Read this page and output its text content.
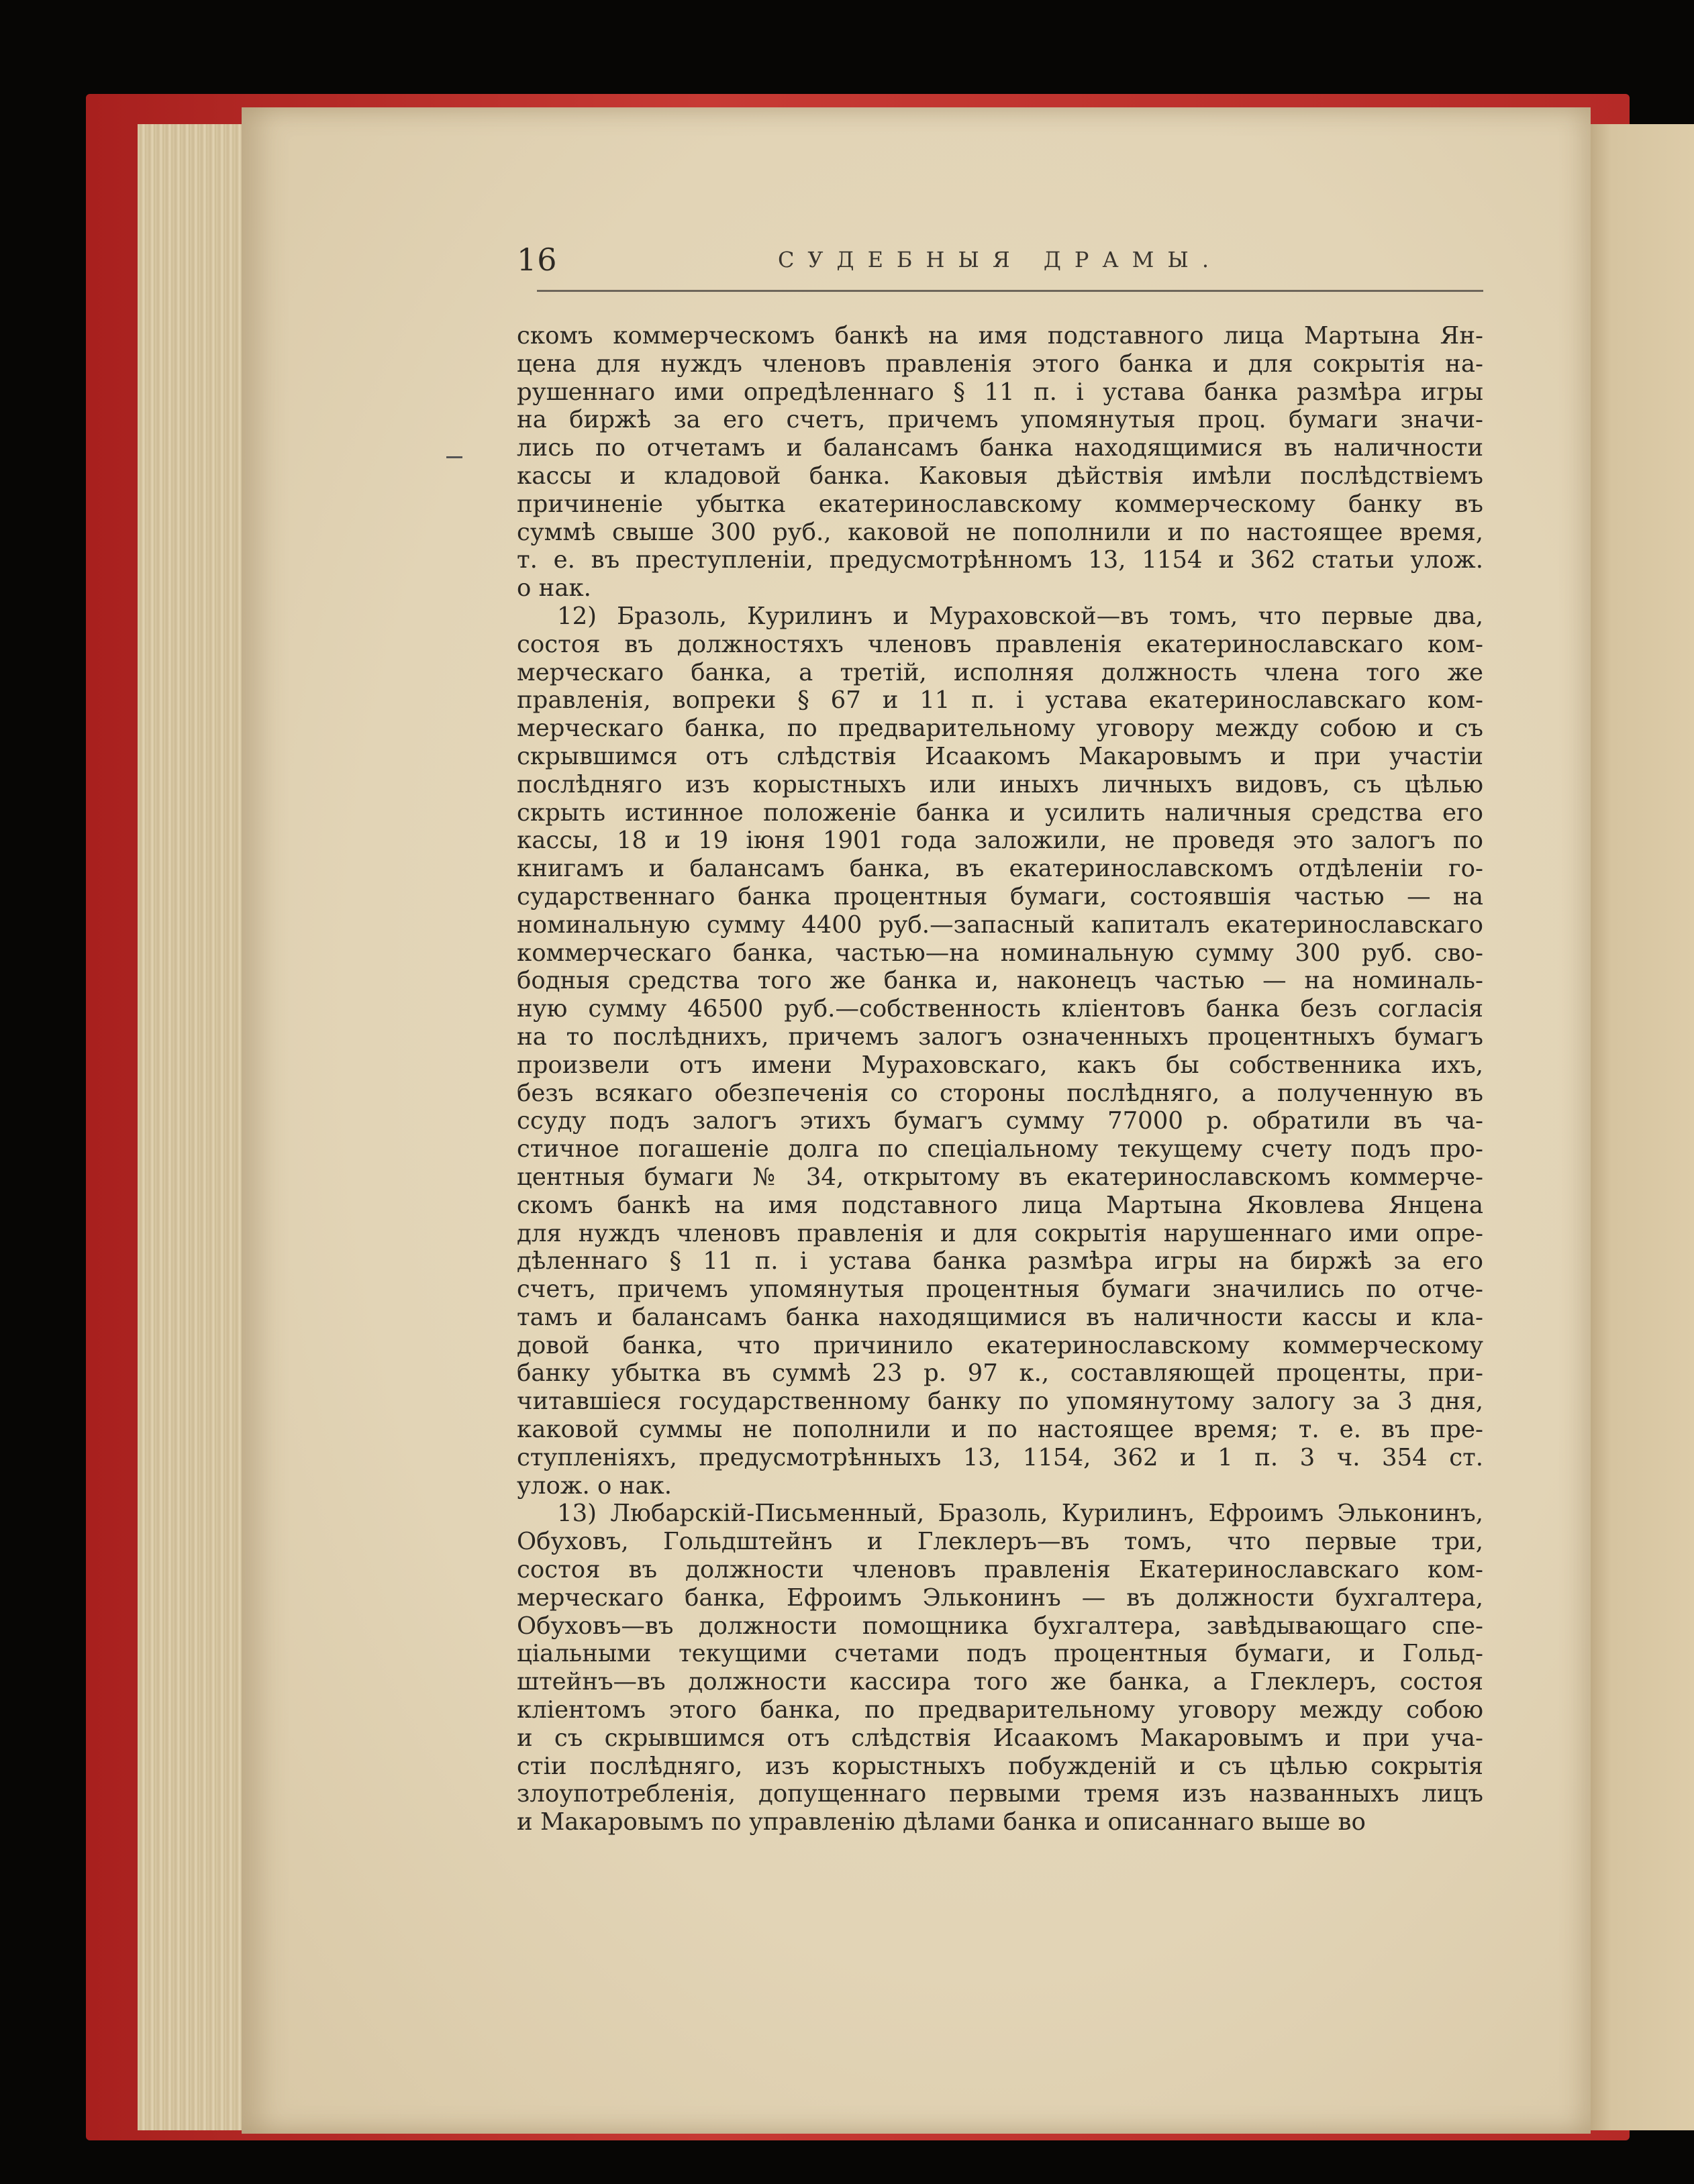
16	СУДЕБНЫЯ ДРАМЫ.
скомъ коммерческомъ банкѣ на имя подставного лица Мартына Ян-
цена для нуждъ членовъ правленія этого банка и для сокрытія на-
рушеннаго ими опредѣленнаго § 11 п. і устава банка размѣра игры
на биржѣ за его счетъ, причемъ упомянутыя проц. бумаги значи-
лись по отчетамъ и балансамъ банка находящимися въ наличности
кассы и кладовой банка. Каковыя дѣйствія имѣли послѣдствіемъ
причиненіе убытка екатеринославскому коммерческому банку въ
суммѣ свыше 300 руб., каковой не пополнили и по настоящее время,
т. е. въ преступленіи, предусмотрѣнномъ 13, 1154 и 362 статьи улож.
о нак.
12) Бразоль, Курилинъ и Мураховской—въ томъ, что первые два,
состоя въ должностяхъ членовъ правленія екатеринославскаго ком-
мерческаго банка, а третій, исполняя должность члена того же
правленія, вопреки § 67 и 11 п. і устава екатеринославскаго ком-
мерческаго банка, по предварительному уговору между собою и съ
скрывшимся отъ слѣдствія Исаакомъ Макаровымъ и при участіи
послѣдняго изъ корыстныхъ или иныхъ личныхъ видовъ, съ цѣлью
скрыть истинное положеніе банка и усилить наличныя средства его
кассы, 18 и 19 іюня 1901 года заложили, не проведя это залогъ по
книгамъ и балансамъ банка, въ екатеринославскомъ отдѣленіи го-
сударственнаго банка процентныя бумаги, состоявшія частью — на
номинальную сумму 4400 руб.—запасный капиталъ екатеринославскаго
коммерческаго банка, частью—на номинальную сумму 300 руб. сво-
бодныя средства того же банка и, наконецъ частью — на номиналь-
ную сумму 46500 руб.—собственность кліентовъ банка безъ согласія
на то послѣднихъ, причемъ залогъ означенныхъ процентныхъ бумагъ
произвели отъ имени Мураховскаго, какъ бы собственника ихъ,
безъ всякаго обезпеченія со стороны послѣдняго, а полученную въ
ссуду подъ залогъ этихъ бумагъ сумму 77000 р. обратили въ ча-
стичное погашеніе долга по спеціальному текущему счету подъ про-
центныя бумаги № 34, открытому въ екатеринославскомъ коммерче-
скомъ банкѣ на имя подставного лица Мартына Яковлева Янцена
для нуждъ членовъ правленія и для сокрытія нарушеннаго ими опре-
дѣленнаго § 11 п. і устава банка размѣра игры на биржѣ за его
счетъ, причемъ упомянутыя процентныя бумаги значились по отче-
тамъ и балансамъ банка находящимися въ наличности кассы и кла-
довой банка, что причинило екатеринославскому коммерческому
банку убытка въ суммѣ 23 р. 97 к., составляющей проценты, при-
читавшіеся государственному банку по упомянутому залогу за 3 дня,
каковой суммы не пополнили и по настоящее время; т. е. въ пре-
ступленіяхъ, предусмотрѣнныхъ 13, 1154, 362 и 1 п. 3 ч. 354 ст.
улож. о нак.
13) Любарскій-Письменный, Бразоль, Курилинъ, Ефроимъ Эльконинъ,
Обуховъ, Гольдштейнъ и Глеклеръ—въ томъ, что первые три,
состоя въ должности членовъ правленія Екатеринославскаго ком-
мерческаго банка, Ефроимъ Эльконинъ — въ должности бухгалтера,
Обуховъ—въ должности помощника бухгалтера, завѣдывающаго спе-
ціальными текущими счетами подъ процентныя бумаги, и Гольд-
штейнъ—въ должности кассира того же банка, а Глеклеръ, состоя
кліентомъ этого банка, по предварительному уговору между собою
и съ скрывшимся отъ слѣдствія Исаакомъ Макаровымъ и при уча-
стіи послѣдняго, изъ корыстныхъ побужденій и съ цѣлью сокрытія
злоупотребленія, допущеннаго первыми тремя изъ названныхъ лицъ
и Макаровымъ по управленію дѣлами банка и описаннаго выше во
